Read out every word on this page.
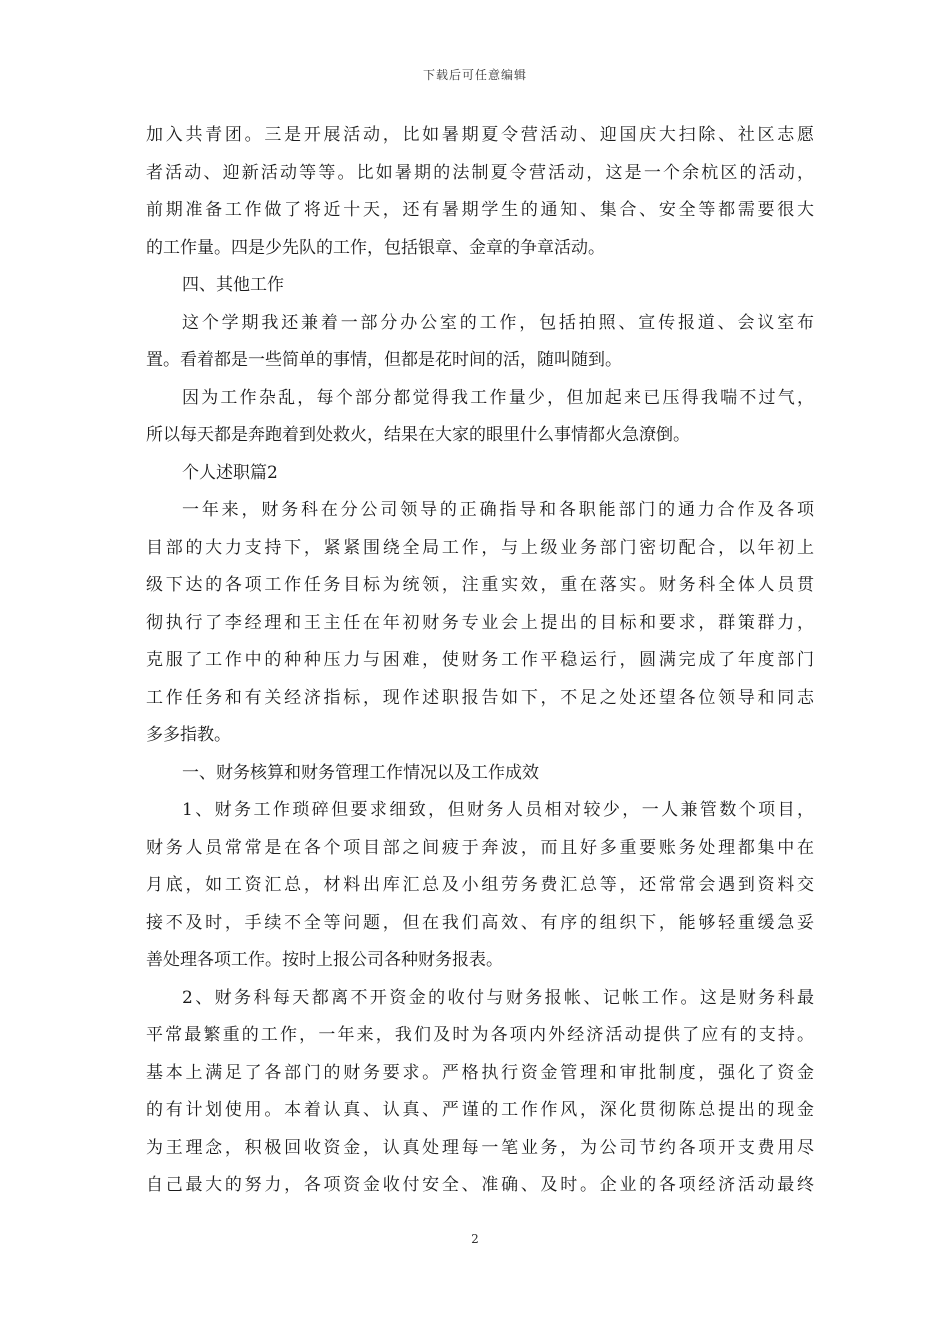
下载后可任意编辑
加入共青团。三是开展活动，比如暑期夏令营活动、迎国庆大扫除、社区志愿
者活动、迎新活动等等。比如暑期的法制夏令营活动，这是一个余杭区的活动，
前期准备工作做了将近十天，还有暑期学生的通知、集合、安全等都需要很大
的工作量。四是少先队的工作，包括银章、金章的争章活动。
四、其他工作
这个学期我还兼着一部分办公室的工作，包括拍照、宣传报道、会议室布
置。看着都是一些简单的事情，但都是花时间的活，随叫随到。
因为工作杂乱，每个部分都觉得我工作量少，但加起来已压得我喘不过气，
所以每天都是奔跑着到处救火，结果在大家的眼里什么事情都火急潦倒。
个人述职篇2
一年来，财务科在分公司领导的正确指导和各职能部门的通力合作及各项
目部的大力支持下，紧紧围绕全局工作，与上级业务部门密切配合，以年初上
级下达的各项工作任务目标为统领，注重实效，重在落实。财务科全体人员贯
彻执行了李经理和王主任在年初财务专业会上提出的目标和要求，群策群力，
克服了工作中的种种压力与困难，使财务工作平稳运行，圆满完成了年度部门
工作任务和有关经济指标，现作述职报告如下，不足之处还望各位领导和同志
多多指教。
一、财务核算和财务管理工作情况以及工作成效
1、财务工作琐碎但要求细致，但财务人员相对较少，一人兼管数个项目，
财务人员常常是在各个项目部之间疲于奔波，而且好多重要账务处理都集中在
月底，如工资汇总，材料出库汇总及小组劳务费汇总等，还常常会遇到资料交
接不及时，手续不全等问题，但在我们高效、有序的组织下，能够轻重缓急妥
善处理各项工作。按时上报公司各种财务报表。
2、财务科每天都离不开资金的收付与财务报帐、记帐工作。这是财务科最
平常最繁重的工作，一年来，我们及时为各项内外经济活动提供了应有的支持。
基本上满足了各部门的财务要求。严格执行资金管理和审批制度，强化了资金
的有计划使用。本着认真、认真、严谨的工作作风，深化贯彻陈总提出的现金
为王理念，积极回收资金，认真处理每一笔业务，为公司节约各项开支费用尽
自己最大的努力，各项资金收付安全、准确、及时。企业的各项经济活动最终
2
